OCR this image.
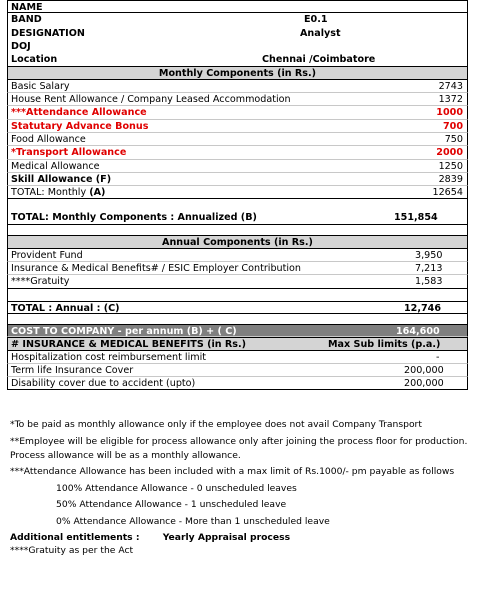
NAME
BAND	E0.1
DESIGNATION	Analyst
DOJ
Location	Chennai /Coimbatore
Monthly Components (in Rs.)
Basic Salary	2743
House Rent Allowance / Company Leased Accommodation	1372
***Attendance Allowance	1000
Statutary Advance Bonus	700
Food Allowance	750
*Transport Allowance	2000
Medical Allowance	1250
Skill Allowance (F)	2839
TOTAL: Monthly (A)	12654
TOTAL: Monthly Components : Annualized (B)	151,854
Annual Components (in Rs.)
Provident Fund	3,950
Insurance & Medical Benefits# / ESIC Employer Contribution	7,213
****Gratuity	1,583
TOTAL : Annual : (C)	12,746
COST TO COMPANY - per annum (B) + ( C)	164,600
# INSURANCE & MEDICAL BENEFITS (in Rs.)	Max Sub limits (p.a.)
Hospitalization cost reimbursement limit	-
Term life Insurance Cover	200,000
Disability cover due to accident (upto)	200,000

*To be paid as monthly allowance only if the employee does not avail Company Transport

**Employee will be eligible for process allowance only after joining the process floor for production. Process allowance will be as a monthly allowance.

***Attendance Allowance has been included with a max limit of Rs.1000/- pm payable as follows

100% Attendance Allowance - 0 unscheduled leaves

50% Attendance Allowance - 1 unscheduled leave

0% Attendance Allowance - More than 1 unscheduled leave

Additional entitlements :	Yearly Appraisal process

****Gratuity as per the Act
